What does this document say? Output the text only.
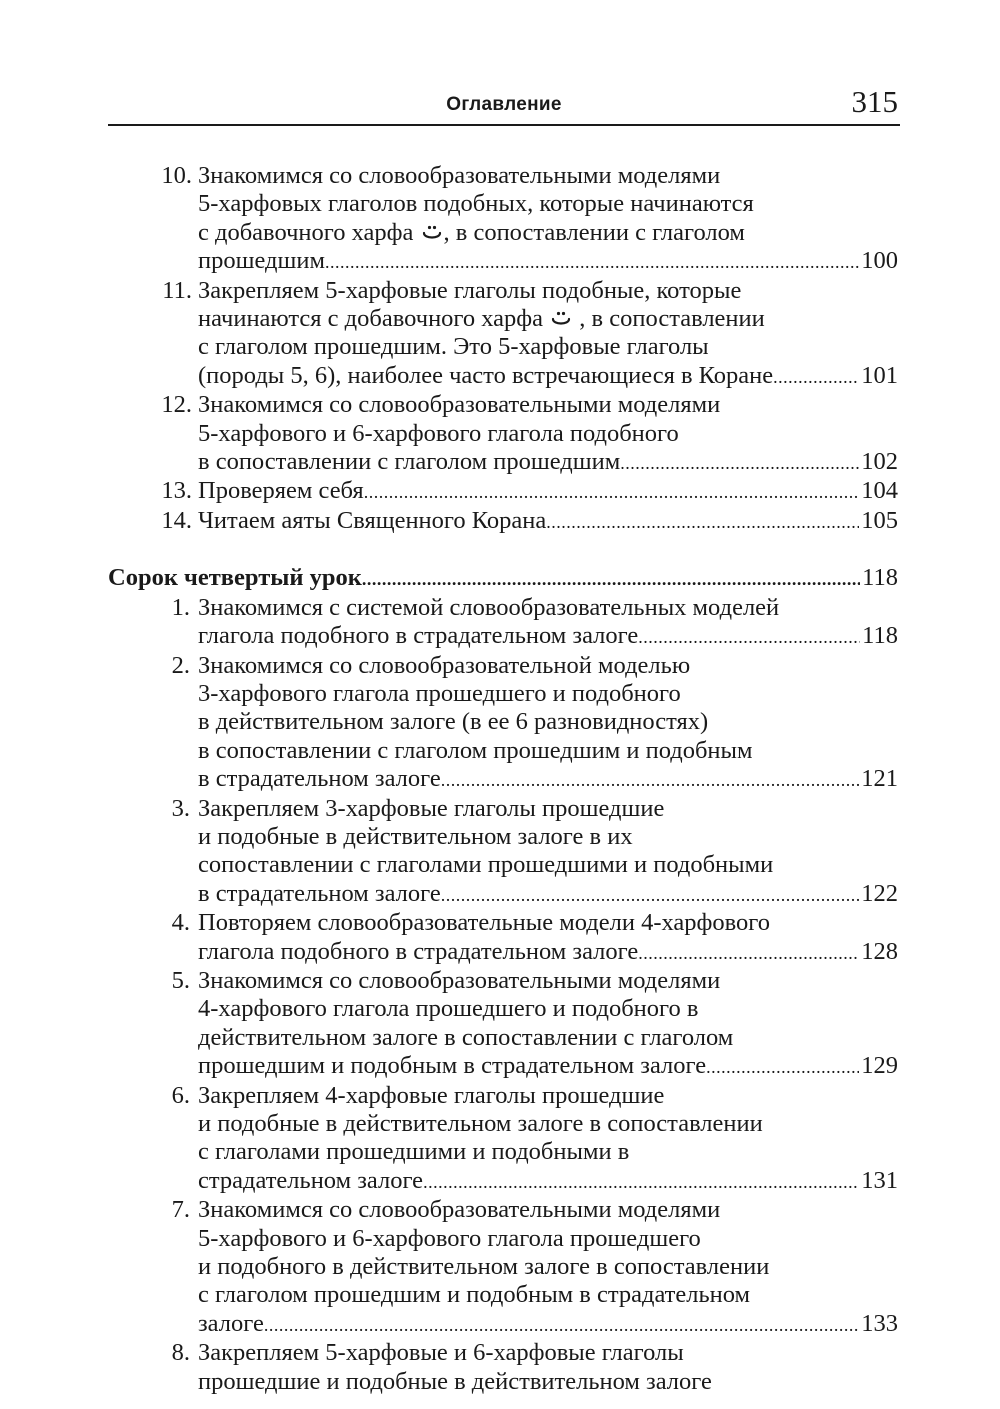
Оглавление	315
10. Знакомимся со словообразовательными моделями
5-харфовых глаголов подобных, которые начинаются
с добавочного харфа , в сопоставлении с глаголом
прошедшим .....	100
11. Закрепляем 5-харфовые глаголы подобные, которые
начинаются с добавочного харфа  , в сопоставлении
с глаголом прошедшим. Это 5-харфовые глаголы
(породы 5, 6), наиболее часто встречающиеся в Коране .....	101
12. Знакомимся со словообразовательными моделями
5-харфового и 6-харфового глагола подобного
в сопоставлении с глаголом прошедшим .....	102
13. Проверяем себя .....	104
14. Читаем аяты Священного Корана .....	105
Сорок четвертый урок .....	118
1. Знакомимся с системой словообразовательных моделей
глагола подобного в страдательном залоге .....	118
2. Знакомимся со словообразовательной моделью
3-харфового глагола прошедшего и подобного
в действительном залоге (в ее 6 разновидностях)
в сопоставлении с глаголом прошедшим и подобным
в страдательном залоге .....	121
3. Закрепляем 3-харфовые глаголы прошедшие
и подобные в действительном залоге в их
сопоставлении с глаголами прошедшими и подобными
в страдательном залоге .....	122
4. Повторяем словообразовательные модели 4-харфового
глагола подобного в страдательном залоге .....	128
5. Знакомимся со словообразовательными моделями
4-харфового глагола прошедшего и подобного в
действительном залоге в сопоставлении с глаголом
прошедшим и подобным в страдательном залоге .....	129
6. Закрепляем 4-харфовые глаголы прошедшие
и подобные в действительном залоге в сопоставлении
с глаголами прошедшими и подобными в
страдательном залоге .....	131
7. Знакомимся со словообразовательными моделями
5-харфового и 6-харфового глагола прошедшего
и подобного в действительном залоге в сопоставлении
с глаголом прошедшим и подобным в страдательном
залоге .....	133
8. Закрепляем 5-харфовые и 6-харфовые глаголы
прошедшие и подобные в действительном залоге
